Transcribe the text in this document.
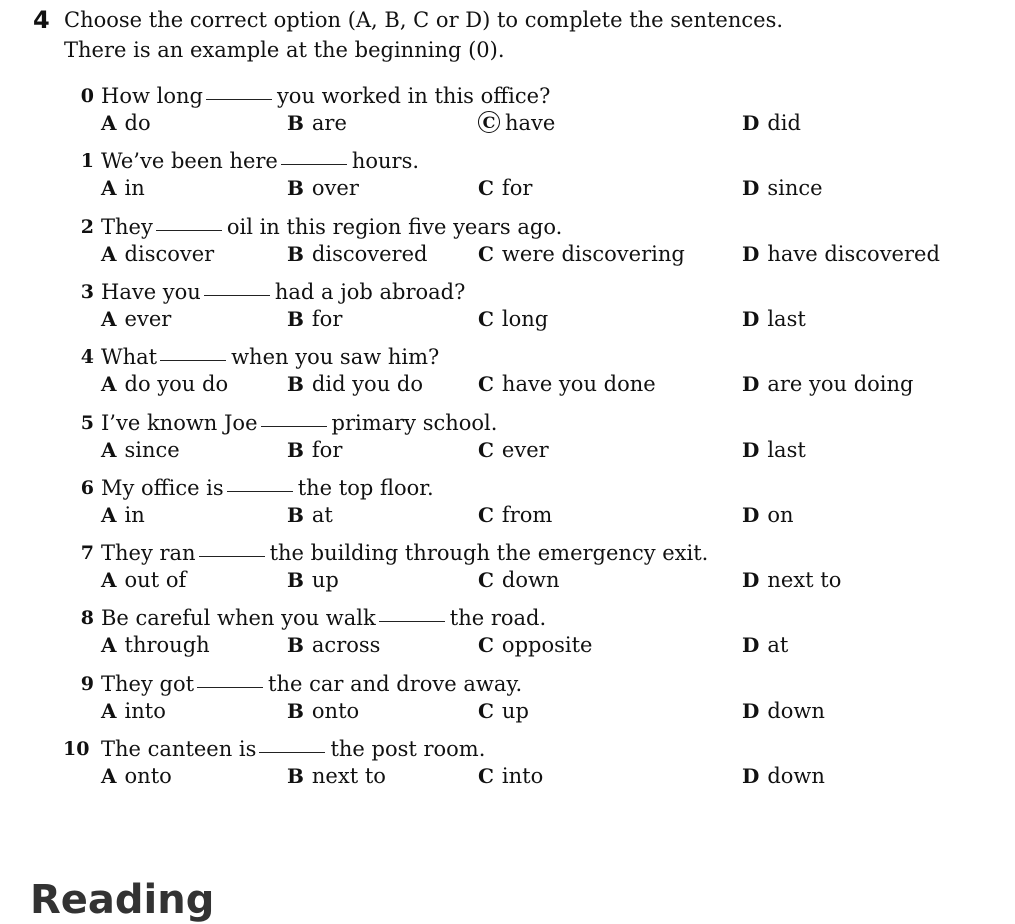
4 Choose the correct option (A, B, C or D) to complete the sentences.
There is an example at the beginning (0).
0 How long	you worked in this office?
A do	B are	C have	D did
1 We’ve been here	hours.
A in	B over	C for	D since
2 They	oil in this region five years ago.
A discover	B discovered	C were discovering	D have discovered
3 Have you	had a job abroad?
A ever	B for	C long	D last
4 What	when you saw him?
A do you do	B did you do	C have you done	D are you doing
5 I’ve known Joe	primary school.
A since	B for	C ever	D last
6 My office is	the top floor.
A in	B at	C from	D on
7 They ran	the building through the emergency exit.
A out of	B up	C down	D next to
8 Be careful when you walk	the road.
A through	B across	C opposite	D at
9 They got	the car and drove away.
A into	B onto	C up	D down
10 The canteen is	the post room.
A onto	B next to	C into	D down
Reading
